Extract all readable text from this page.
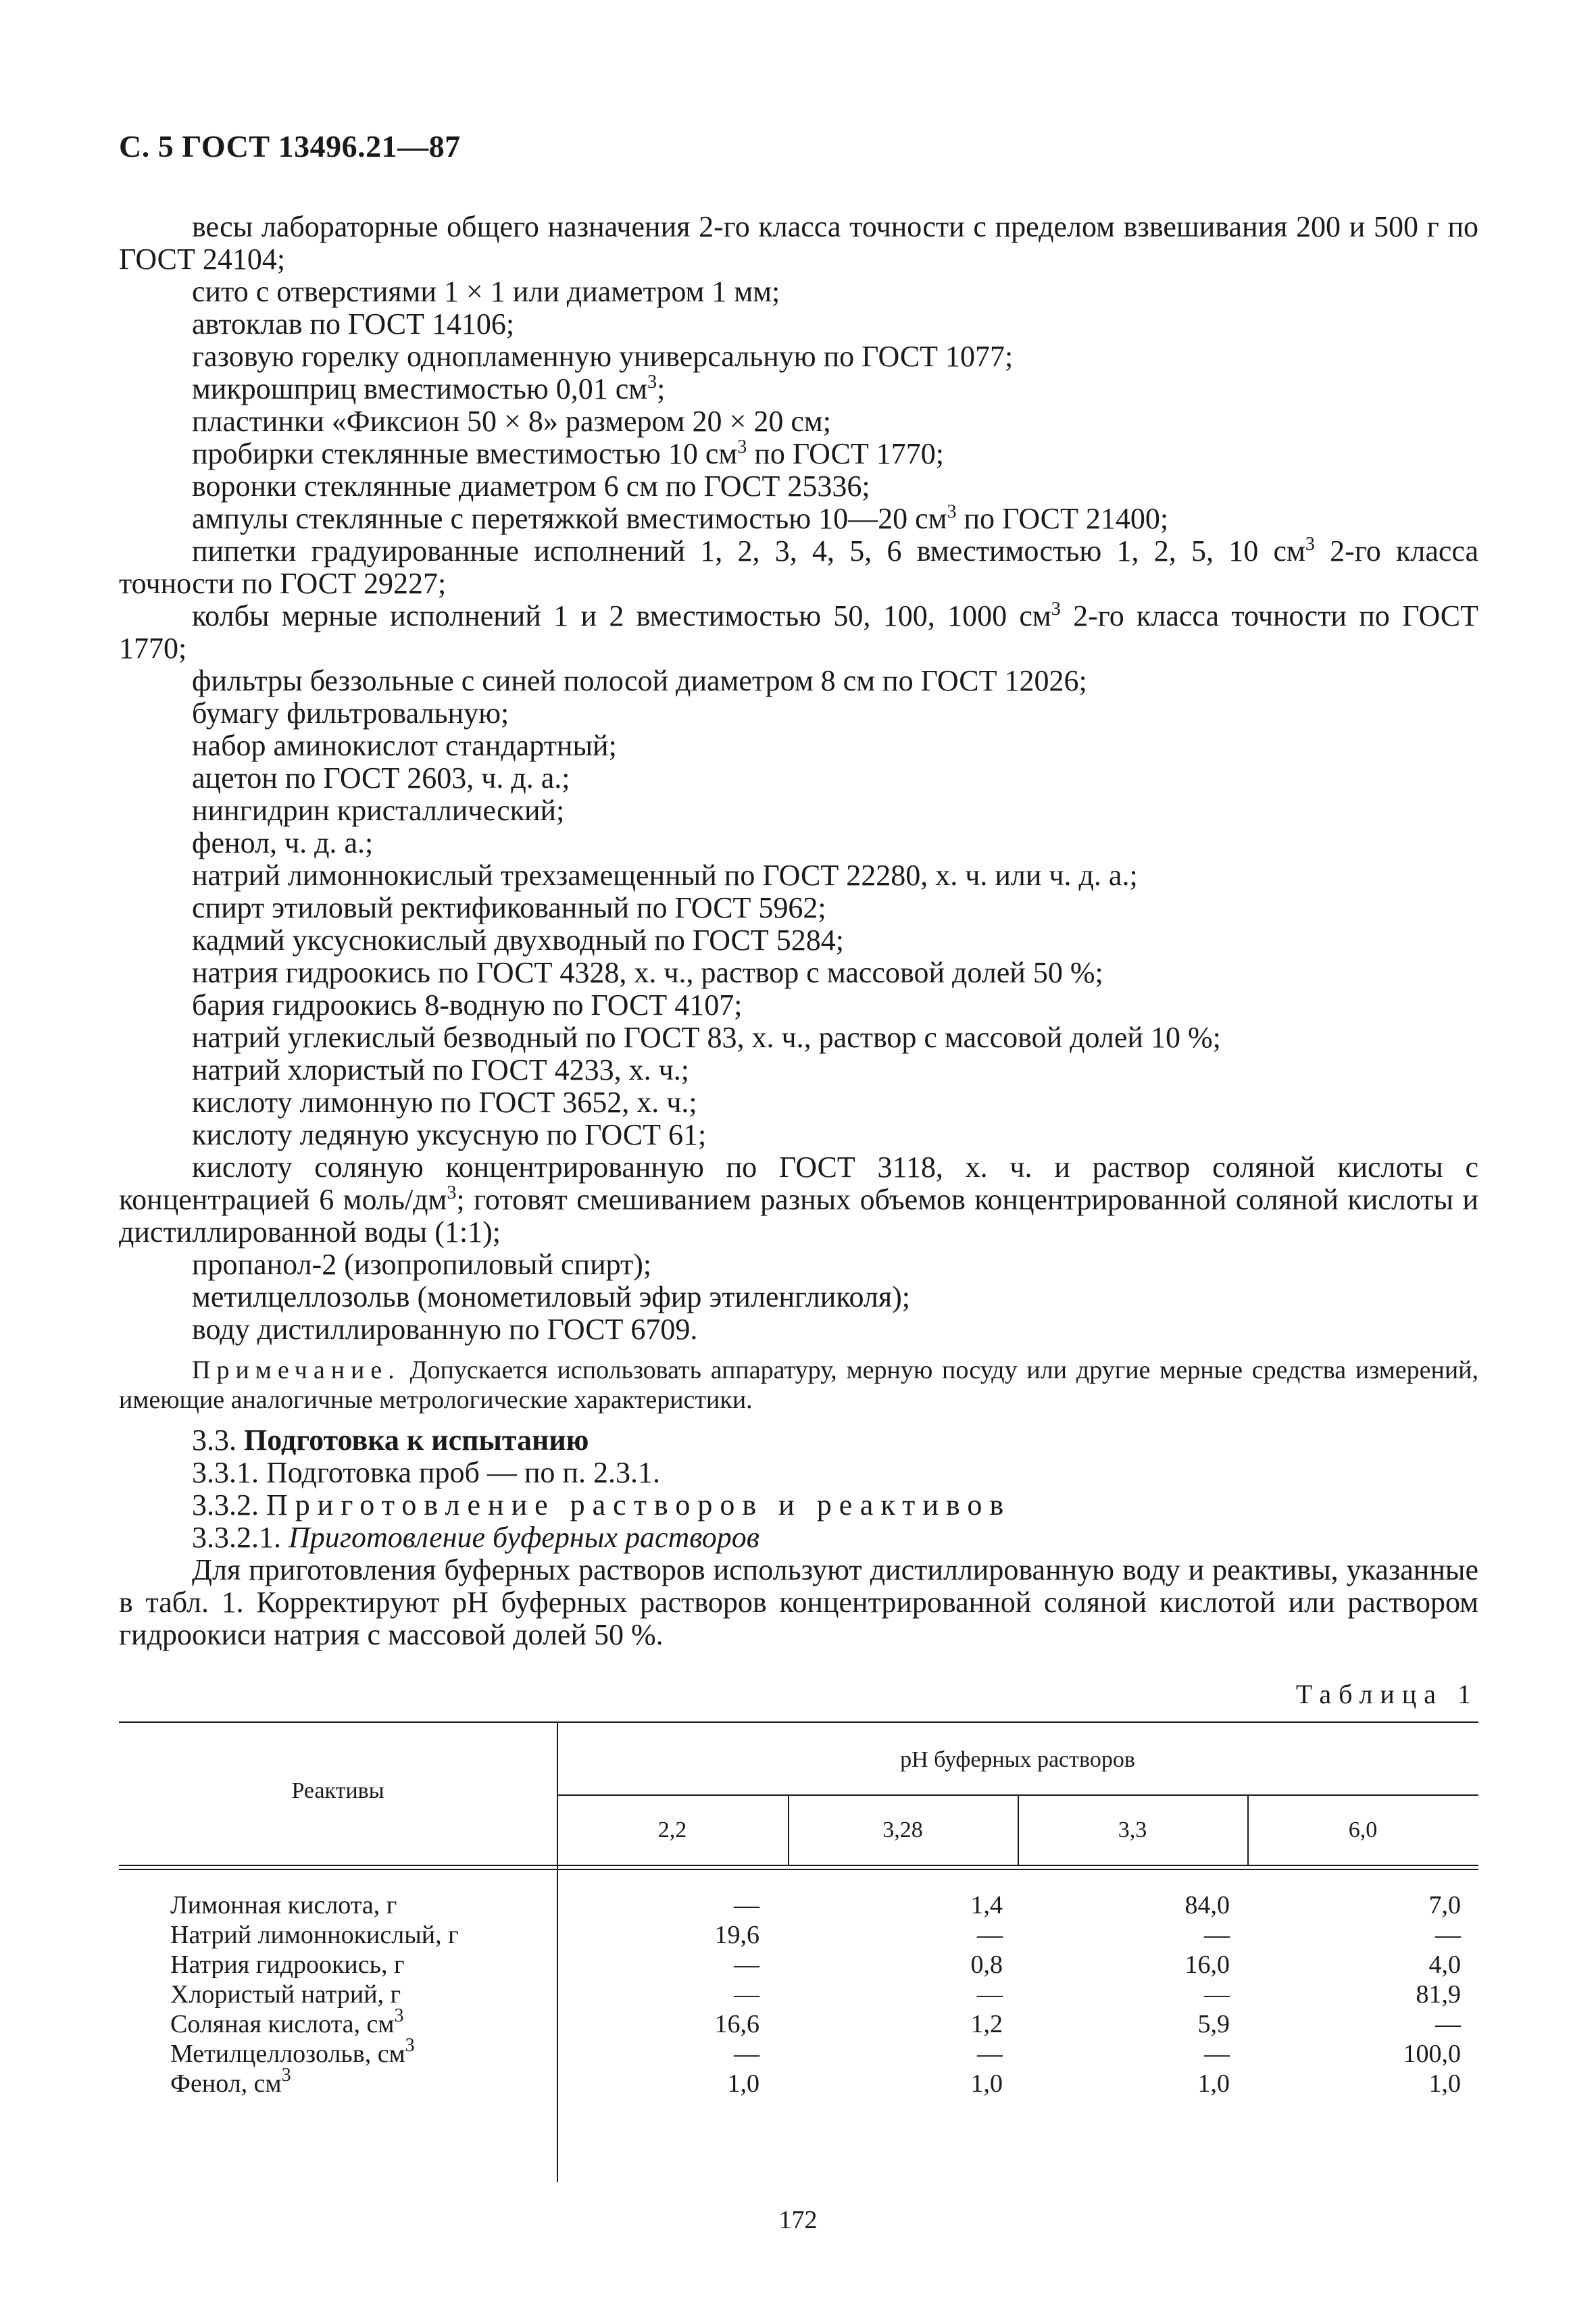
С. 5 ГОСТ 13496.21—87

весы лабораторные общего назначения 2-го класса точности с пределом взвешивания 200 и 500 г по ГОСТ 24104;

сито с отверстиями 1 × 1 или диаметром 1 мм;

автоклав по ГОСТ 14106;

газовую горелку однопламенную универсальную по ГОСТ 1077;

микрошприц вместимостью 0,01 $см^3$;

пластинки «Фиксион 50 × 8» размером 20 × 20 см;

пробирки стеклянные вместимостью 10 $см^3$ по ГОСТ 1770;

воронки стеклянные диаметром 6 см по ГОСТ 25336;

ампулы стеклянные с перетяжкой вместимостью 10—20 $см^3$ по ГОСТ 21400;

пипетки градуированные исполнений 1, 2, 3, 4, 5, 6 вместимостью 1, 2, 5, 10 $см^3$ 2-го класса точности по ГОСТ 29227;

колбы мерные исполнений 1 и 2 вместимостью 50, 100, 1000 $см^3$ 2-го класса точности по ГОСТ 1770;

фильтры беззольные с синей полосой диаметром 8 см по ГОСТ 12026;

бумагу фильтровальную;

набор аминокислот стандартный;

ацетон по ГОСТ 2603, ч. д. а.;

нингидрин кристаллический;

фенол, ч. д. а.;

натрий лимоннокислый трехзамещенный по ГОСТ 22280, х. ч. или ч. д. а.;

спирт этиловый ректификованный по ГОСТ 5962;

кадмий уксуснокислый двухводный по ГОСТ 5284;

натрия гидроокись по ГОСТ 4328, х. ч., раствор с массовой долей 50 %;

бария гидроокись 8-водную по ГОСТ 4107;

натрий углекислый безводный по ГОСТ 83, х. ч., раствор с массовой долей 10 %;

натрий хлористый по ГОСТ 4233, х. ч.;

кислоту лимонную по ГОСТ 3652, х. ч.;

кислоту ледяную уксусную по ГОСТ 61;

кислоту соляную концентрированную по ГОСТ 3118, х. ч. и раствор соляной кислоты с концентрацией 6 моль/$дм^3$; готовят смешиванием разных объемов концентрированной соляной кислоты и дистиллированной воды (1:1);

пропанол-2 (изопропиловый спирт);

метилцеллозольв (монометиловый эфир этиленгликоля);

воду дистиллированную по ГОСТ 6709.

Примечание. Допускается использовать аппаратуру, мерную посуду или другие мерные средства измерений, имеющие аналогичные метрологические характеристики.

3.3. Подготовка к испытанию

3.3.1. Подготовка проб — по п. 2.3.1.

3.3.2. Приготовление растворов и реактивов

3.3.2.1. Приготовление буферных растворов

Для приготовления буферных растворов используют дистиллированную воду и реактивы, указанные в табл. 1. Корректируют pH буферных растворов концентрированной соляной кислотой или раствором гидроокиси натрия с массовой долей 50 %.

Таблица 1
Реактивы
pH буферных растворов
2,2	3,28	3,3	6,0
Лимонная кислота, г	—	1,4	84,0	7,0
Натрий лимоннокислый, г	19,6	—	—	—
Натрия гидроокись, г	—	0,8	16,0	4,0
Хлористый натрий, г	—	—	—	81,9
Соляная кислота, $см^3$	16,6	1,2	5,9	—
Метилцеллозольв, $см^3$	—	—	—	100,0
Фенол, $см^3$	1,0	1,0	1,0	1,0
172
